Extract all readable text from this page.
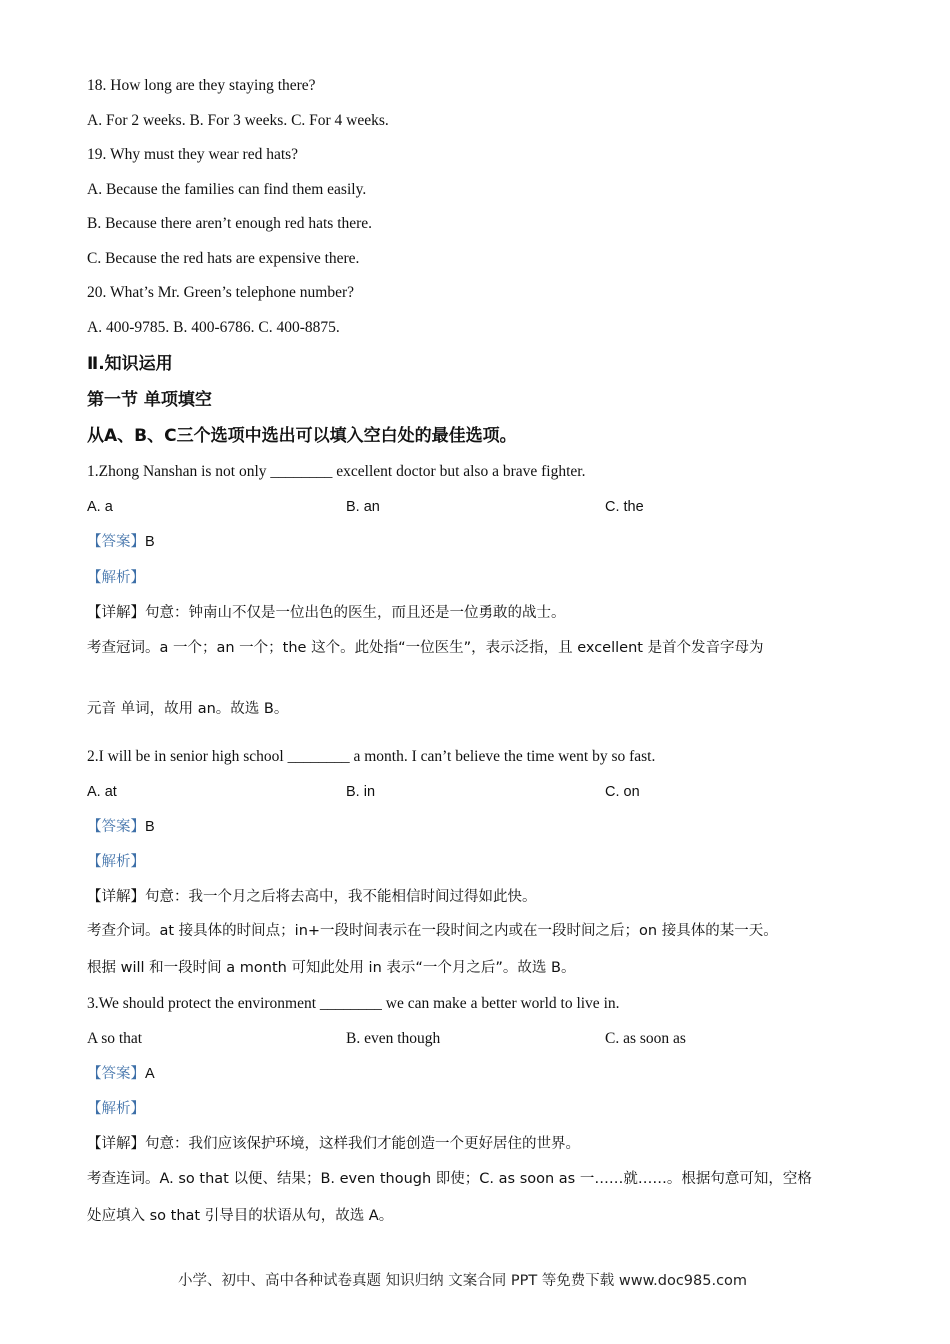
18. How long are they staying there?
A. For 2 weeks. B. For 3 weeks. C. For 4 weeks.
19. Why must they wear red hats?
A. Because the families can find them easily.
B. Because there aren’t enough red hats there.
C. Because the red hats are expensive there.
20. What’s Mr. Green’s telephone number?
A. 400-9785. B. 400-6786. C. 400-8875.
Ⅱ.知识运用
第一节 单项填空
从A、B、C三个选项中选出可以填入空白处的最佳选项。
1.Zhong Nanshan is not only ________ excellent doctor but also a brave fighter.
A. a	B. an	C. the
【答案】B
【解析】
【详解】句意：钟南山不仅是一位出色的医生，而且还是一位勇敢的战士。
考查冠词。a 一个；an 一个；the 这个。此处指“一位医生”，表示泛指，且 excellent 是首个发音字母为
元音 单词，故用 an。故选 B。
2.I will be in senior high school ________ a month. I can’t believe the time went by so fast.
A. at	B. in	C. on
【答案】B
【解析】
【详解】句意：我一个月之后将去高中，我不能相信时间过得如此快。
考查介词。at 接具体的时间点；in+一段时间表示在一段时间之内或在一段时间之后；on 接具体的某一天。
根据 will 和一段时间 a month 可知此处用 in 表示“一个月之后”。故选 B。
3.We should protect the environment ________ we can make a better world to live in.
A so that	B. even though	C. as soon as
【答案】A
【解析】
【详解】句意：我们应该保护环境，这样我们才能创造一个更好居住的世界。
考查连词。A. so that 以便、结果；B. even though 即使；C. as soon as 一……就……。根据句意可知，空格
处应填入 so that 引导目的状语从句，故选 A。
小学、初中、高中各种试卷真题 知识归纳 文案合同 PPT 等免费下载 www.doc985.com
